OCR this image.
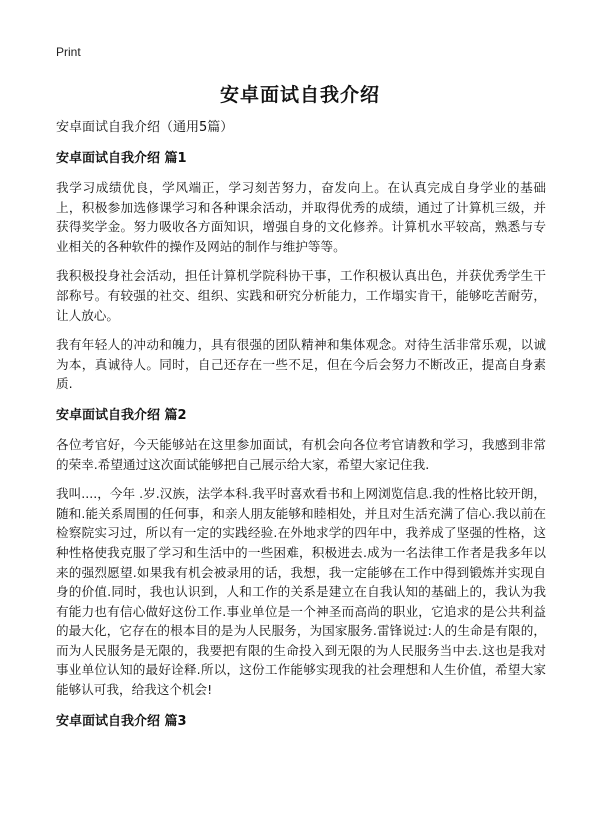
Print
安卓面试自我介绍
安卓面试自我介绍（通用5篇）
安卓面试自我介绍 篇1

我学习成绩优良，学风端正，学习刻苦努力，奋发向上。在认真完成自身学业的基础上，积极参加选修课学习和各种课余活动，并取得优秀的成绩，通过了计算机三级，并获得奖学金。努力吸收各方面知识，增强自身的文化修养。计算机水平较高，熟悉与专业相关的各种软件的操作及网站的制作与维护等等。

我积极投身社会活动，担任计算机学院科协干事，工作积极认真出色，并获优秀学生干部称号。有较强的社交、组织、实践和研究分析能力，工作塌实肯干，能够吃苦耐劳，让人放心。

我有年轻人的冲动和魄力，具有很强的团队精神和集体观念。对待生活非常乐观，以诚为本，真诚待人。同时，自己还存在一些不足，但在今后会努力不断改正，提高自身素质.

安卓面试自我介绍 篇2

各位考官好，今天能够站在这里参加面试，有机会向各位考官请教和学习，我感到非常的荣幸.希望通过这次面试能够把自己展示给大家，希望大家记住我.

我叫....，今年 .岁.汉族，法学本科.我平时喜欢看书和上网浏览信息.我的性格比较开朗，随和.能关系周围的任何事，和亲人朋友能够和睦相处，并且对生活充满了信心.我以前在检察院实习过，所以有一定的实践经验.在外地求学的四年中，我养成了坚强的性格，这种性格使我克服了学习和生活中的一些困难，积极进去.成为一名法律工作者是我多年以来的强烈愿望.如果我有机会被录用的话，我想，我一定能够在工作中得到锻炼并实现自身的价值.同时，我也认识到，人和工作的关系是建立在自我认知的基础上的，我认为我有能力也有信心做好这份工作.事业单位是一个神圣而高尚的职业，它追求的是公共利益的最大化，它存在的根本目的是为人民服务，为国家服务.雷锋说过:人的生命是有限的，而为人民服务是无限的，我要把有限的生命投入到无限的为人民服务当中去.这也是我对事业单位认知的最好诠释.所以，这份工作能够实现我的社会理想和人生价值，希望大家能够认可我，给我这个机会!

安卓面试自我介绍 篇3
